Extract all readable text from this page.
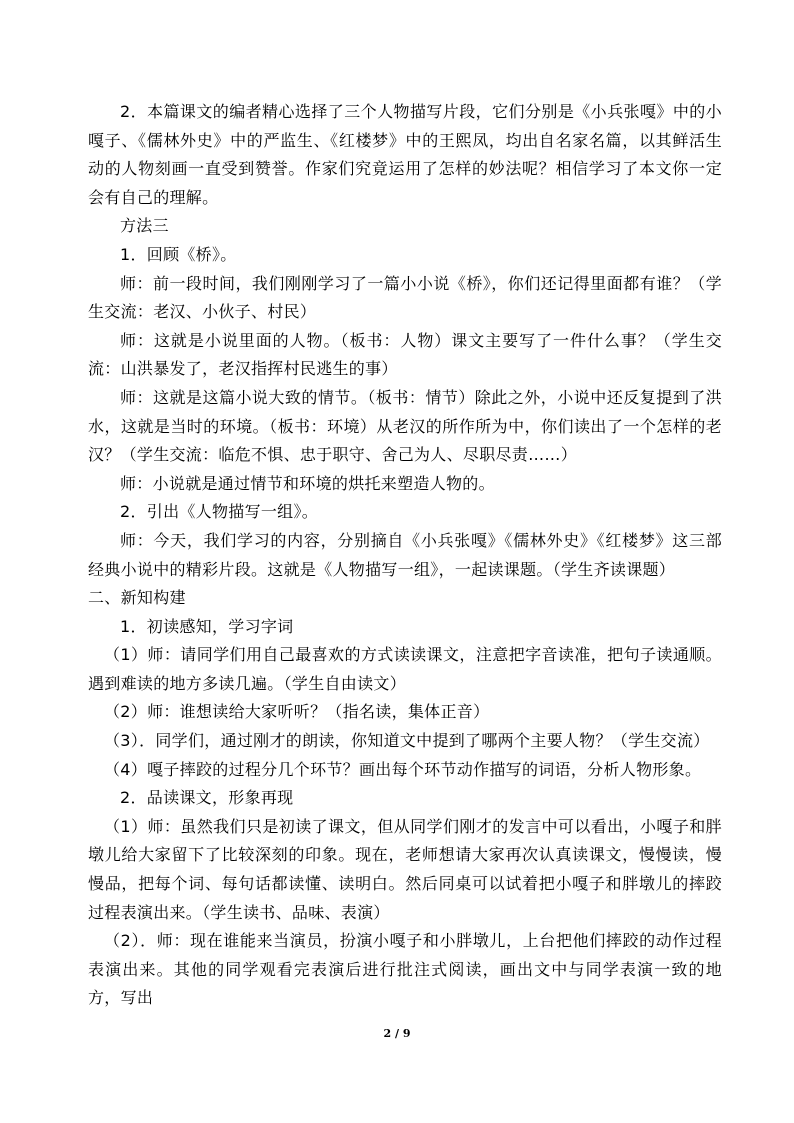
2．本篇课文的编者精心选择了三个人物描写片段，它们分别是《小兵张嘎》中的小嘎子、《儒林外史》中的严监生、《红楼梦》中的王熙凤，均出自名家名篇，以其鲜活生动的人物刻画一直受到赞誉。作家们究竟运用了怎样的妙法呢？相信学习了本文你一定会有自己的理解。

方法三

1．回顾《桥》。

师：前一段时间，我们刚刚学习了一篇小小说《桥》，你们还记得里面都有谁？（学生交流：老汉、小伙子、村民）

师：这就是小说里面的人物。（板书：人物）课文主要写了一件什么事？（学生交流：山洪暴发了，老汉指挥村民逃生的事）

师：这就是这篇小说大致的情节。（板书：情节）除此之外，小说中还反复提到了洪水，这就是当时的环境。（板书：环境）从老汉的所作所为中，你们读出了一个怎样的老汉？（学生交流：临危不惧、忠于职守、舍己为人、尽职尽责……）

师：小说就是通过情节和环境的烘托来塑造人物的。

2．引出《人物描写一组》。

师：今天，我们学习的内容，分别摘自《小兵张嘎》《儒林外史》《红楼梦》这三部经典小说中的精彩片段。这就是《人物描写一组》，一起读课题。（学生齐读课题）

二、新知构建

1．初读感知，学习字词

（1）师：请同学们用自己最喜欢的方式读读课文，注意把字音读准，把句子读通顺。遇到难读的地方多读几遍。（学生自由读文）

（2）师：谁想读给大家听听？（指名读，集体正音）

（3）．同学们，通过刚才的朗读，你知道文中提到了哪两个主要人物？（学生交流）

（4）嘎子摔跤的过程分几个环节？画出每个环节动作描写的词语，分析人物形象。

2．品读课文，形象再现

（1）师：虽然我们只是初读了课文，但从同学们刚才的发言中可以看出，小嘎子和胖墩儿给大家留下了比较深刻的印象。现在，老师想请大家再次认真读课文，慢慢读，慢慢品，把每个词、每句话都读懂、读明白。然后同桌可以试着把小嘎子和胖墩儿的摔跤过程表演出来。（学生读书、品味、表演）

（2）．师：现在谁能来当演员，扮演小嘎子和小胖墩儿，上台把他们摔跤的动作过程表演出来。其他的同学观看完表演后进行批注式阅读，画出文中与同学表演一致的地方，写出

2 / 9
